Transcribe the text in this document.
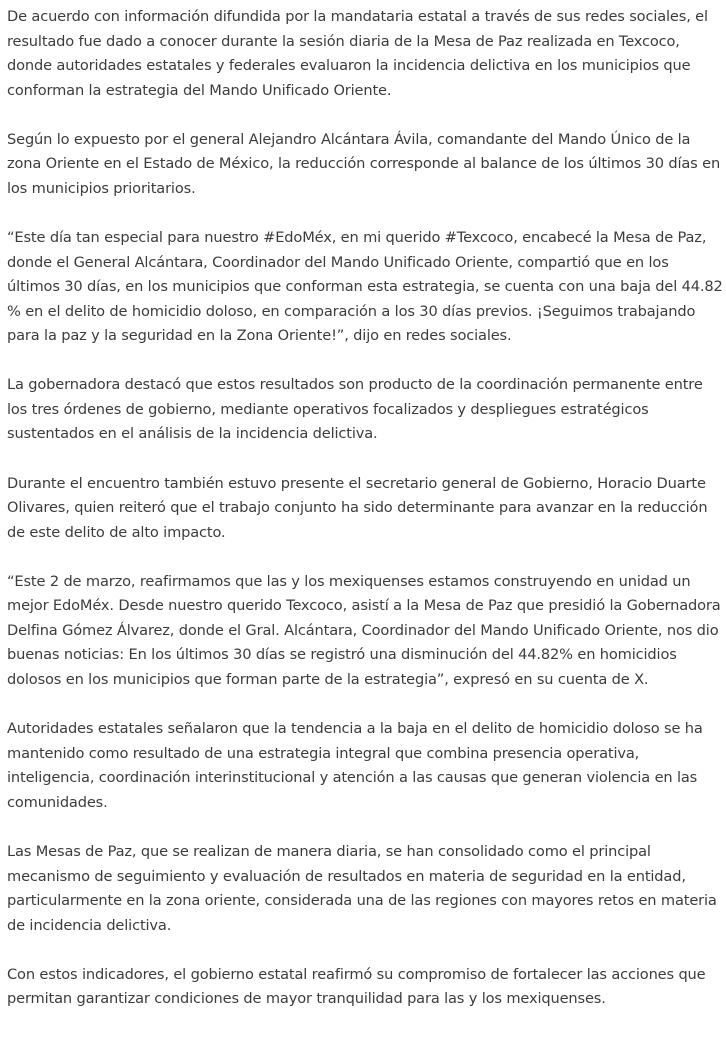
De acuerdo con información difundida por la mandataria estatal a través de sus redes sociales, el resultado fue dado a conocer durante la sesión diaria de la Mesa de Paz realizada en Texcoco, donde autoridades estatales y federales evaluaron la incidencia delictiva en los municipios que conforman la estrategia del Mando Unificado Oriente.

Según lo expuesto por el general Alejandro Alcántara Ávila, comandante del Mando Único de la zona Oriente en el Estado de México, la reducción corresponde al balance de los últimos 30 días en los municipios prioritarios.

“Este día tan especial para nuestro #EdoMéx, en mi querido #Texcoco, encabecé la Mesa de Paz, donde el General Alcántara, Coordinador del Mando Unificado Oriente, compartió que en los últimos 30 días, en los municipios que conforman esta estrategia, se cuenta con una baja del 44.82 % en el delito de homicidio doloso, en comparación a los 30 días previos. ¡Seguimos trabajando para la paz y la seguridad en la Zona Oriente!”, dijo en redes sociales.

La gobernadora destacó que estos resultados son producto de la coordinación permanente entre los tres órdenes de gobierno, mediante operativos focalizados y despliegues estratégicos sustentados en el análisis de la incidencia delictiva.

Durante el encuentro también estuvo presente el secretario general de Gobierno, Horacio Duarte Olivares, quien reiteró que el trabajo conjunto ha sido determinante para avanzar en la reducción de este delito de alto impacto.

“Este 2 de marzo, reafirmamos que las y los mexiquenses estamos construyendo en unidad un mejor EdoMéx. Desde nuestro querido Texcoco, asistí a la Mesa de Paz que presidió la Gobernadora Delfina Gómez Álvarez, donde el Gral. Alcántara, Coordinador del Mando Unificado Oriente, nos dio buenas noticias: En los últimos 30 días se registró una disminución del 44.82% en homicidios dolosos en los municipios que forman parte de la estrategia”, expresó en su cuenta de X.

Autoridades estatales señalaron que la tendencia a la baja en el delito de homicidio doloso se ha mantenido como resultado de una estrategia integral que combina presencia operativa, inteligencia, coordinación interinstitucional y atención a las causas que generan violencia en las comunidades.

Las Mesas de Paz, que se realizan de manera diaria, se han consolidado como el principal mecanismo de seguimiento y evaluación de resultados en materia de seguridad en la entidad, particularmente en la zona oriente, considerada una de las regiones con mayores retos en materia de incidencia delictiva.

Con estos indicadores, el gobierno estatal reafirmó su compromiso de fortalecer las acciones que permitan garantizar condiciones de mayor tranquilidad para las y los mexiquenses.
